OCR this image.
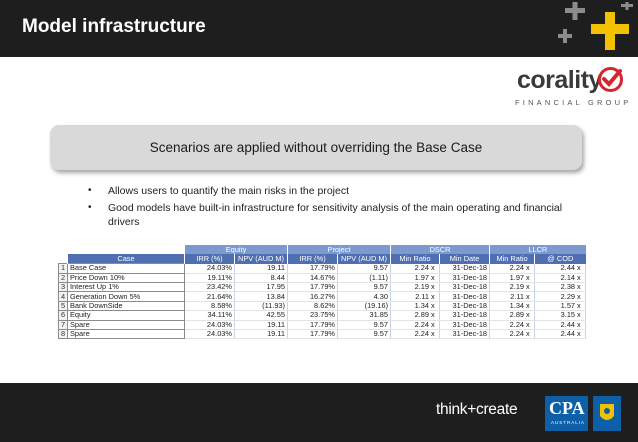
Model infrastructure
corality
FINANCIAL GROUP
Scenarios are applied without overriding the Base Case
• Allows users to quantify the main risks in the project
• Good models have built-in infrastructure for sensitivity analysis of the main operating and financial drivers
		Equity		Project		DSCR		LLCR	
	Case	IRR (%)	NPV (AUD M)	IRR (%)	NPV (AUD M)	Min Ratio	Min Date	Min Ratio	@ COD
1	Base Case	24.03%	19.11	17.79%	9.57	2.24 x	31-Dec-18	2.24 x	2.44 x
2	Price Down 10%	19.11%	8.44	14.67%	(1.11)	1.97 x	31-Dec-18	1.97 x	2.14 x
3	Interest Up 1%	23.42%	17.95	17.79%	9.57	2.19 x	31-Dec-18	2.19 x	2.38 x
4	Generation Down 5%	21.64%	13.84	16.27%	4.30	2.11 x	31-Dec-18	2.11 x	2.29 x
5	Bank DownSide	8.58%	(11.93)	8.62%	(19.16)	1.34 x	31-Dec-18	1.34 x	1.57 x
6	Equity	34.11%	42.55	23.75%	31.85	2.89 x	31-Dec-18	2.89 x	3.15 x
7	Spare	24.03%	19.11	17.79%	9.57	2.24 x	31-Dec-18	2.24 x	2.44 x
8	Spare	24.03%	19.11	17.79%	9.57	2.24 x	31-Dec-18	2.24 x	2.44 x
think+create CPA
AUSTRALIA
